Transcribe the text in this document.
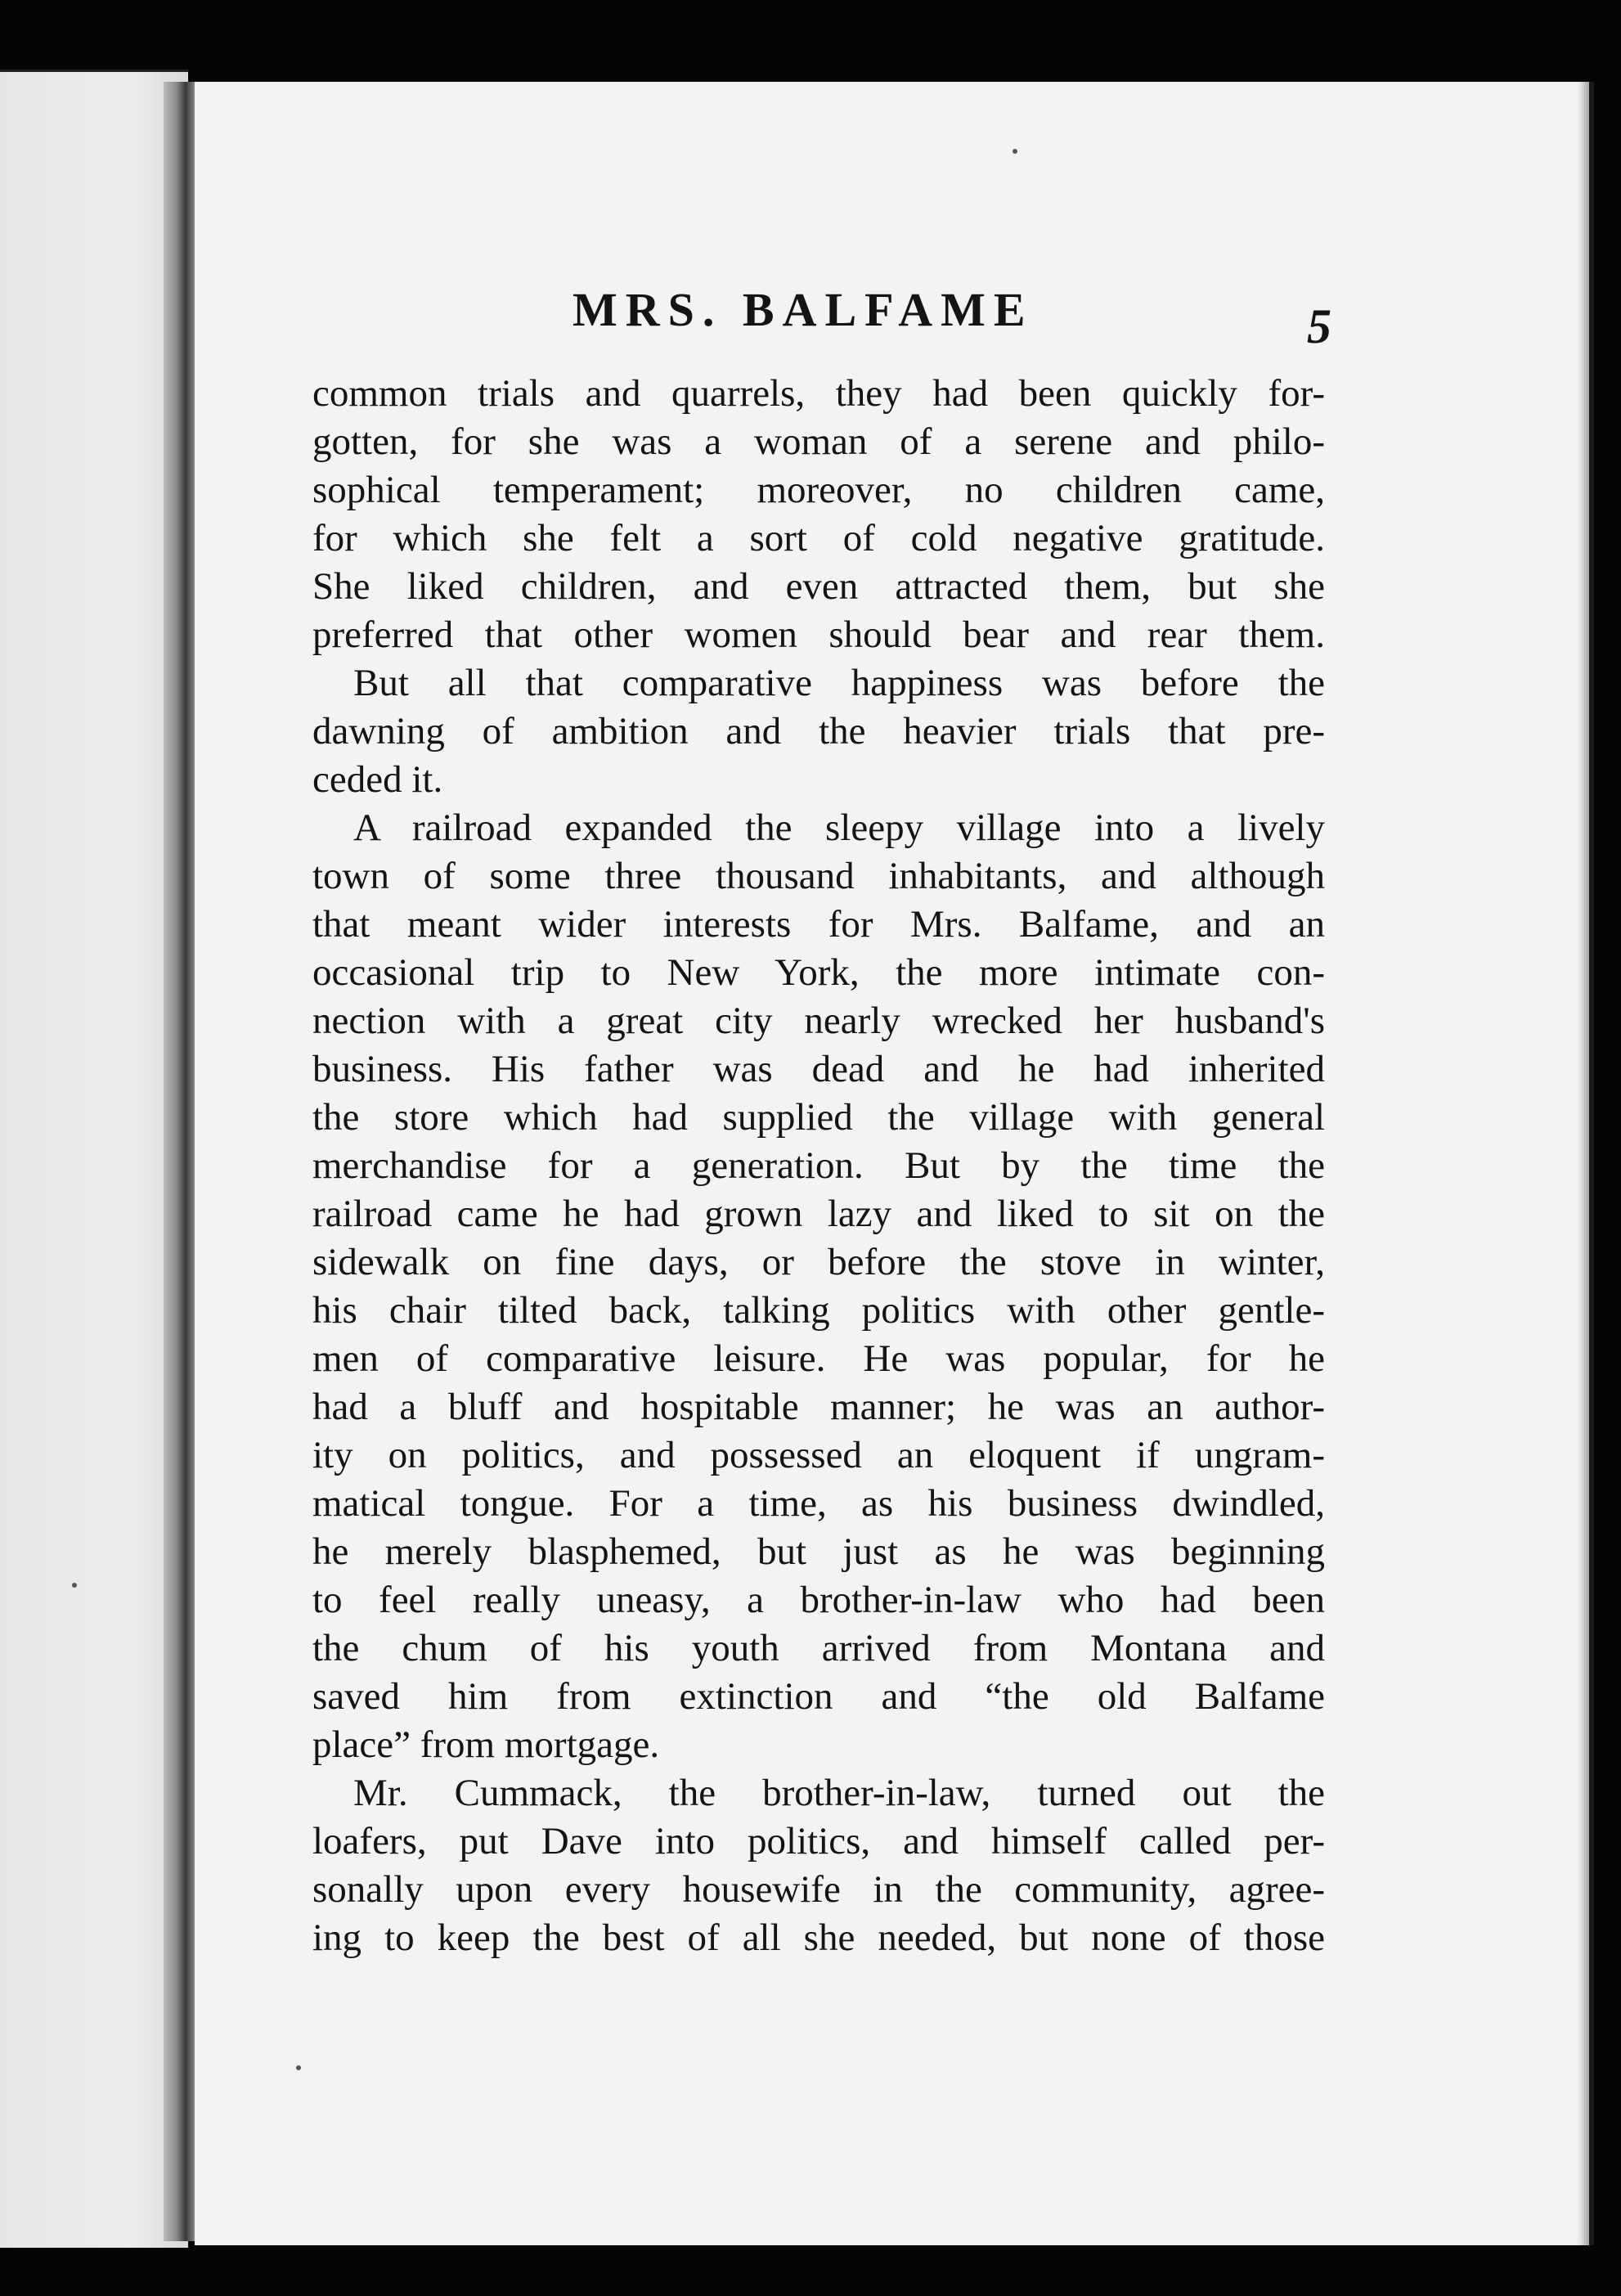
MRS. BALFAME	5
common trials and quarrels, they had been quickly for-
gotten, for she was a woman of a serene and philo-
sophical temperament; moreover, no children came,
for which she felt a sort of cold negative gratitude.
She liked children, and even attracted them, but she
preferred that other women should bear and rear them.
But all that comparative happiness was before the
dawning of ambition and the heavier trials that pre-
ceded it.
A railroad expanded the sleepy village into a lively
town of some three thousand inhabitants, and although
that meant wider interests for Mrs. Balfame, and an
occasional trip to New York, the more intimate con-
nection with a great city nearly wrecked her husband's
business. His father was dead and he had inherited
the store which had supplied the village with general
merchandise for a generation. But by the time the
railroad came he had grown lazy and liked to sit on the
sidewalk on fine days, or before the stove in winter,
his chair tilted back, talking politics with other gentle-
men of comparative leisure. He was popular, for he
had a bluff and hospitable manner; he was an author-
ity on politics, and possessed an eloquent if ungram-
matical tongue. For a time, as his business dwindled,
he merely blasphemed, but just as he was beginning
to feel really uneasy, a brother-in-law who had been
the chum of his youth arrived from Montana and
saved him from extinction and “the old Balfame
place” from mortgage.
Mr. Cummack, the brother-in-law, turned out the
loafers, put Dave into politics, and himself called per-
sonally upon every housewife in the community, agree-
ing to keep the best of all she needed, but none of those
